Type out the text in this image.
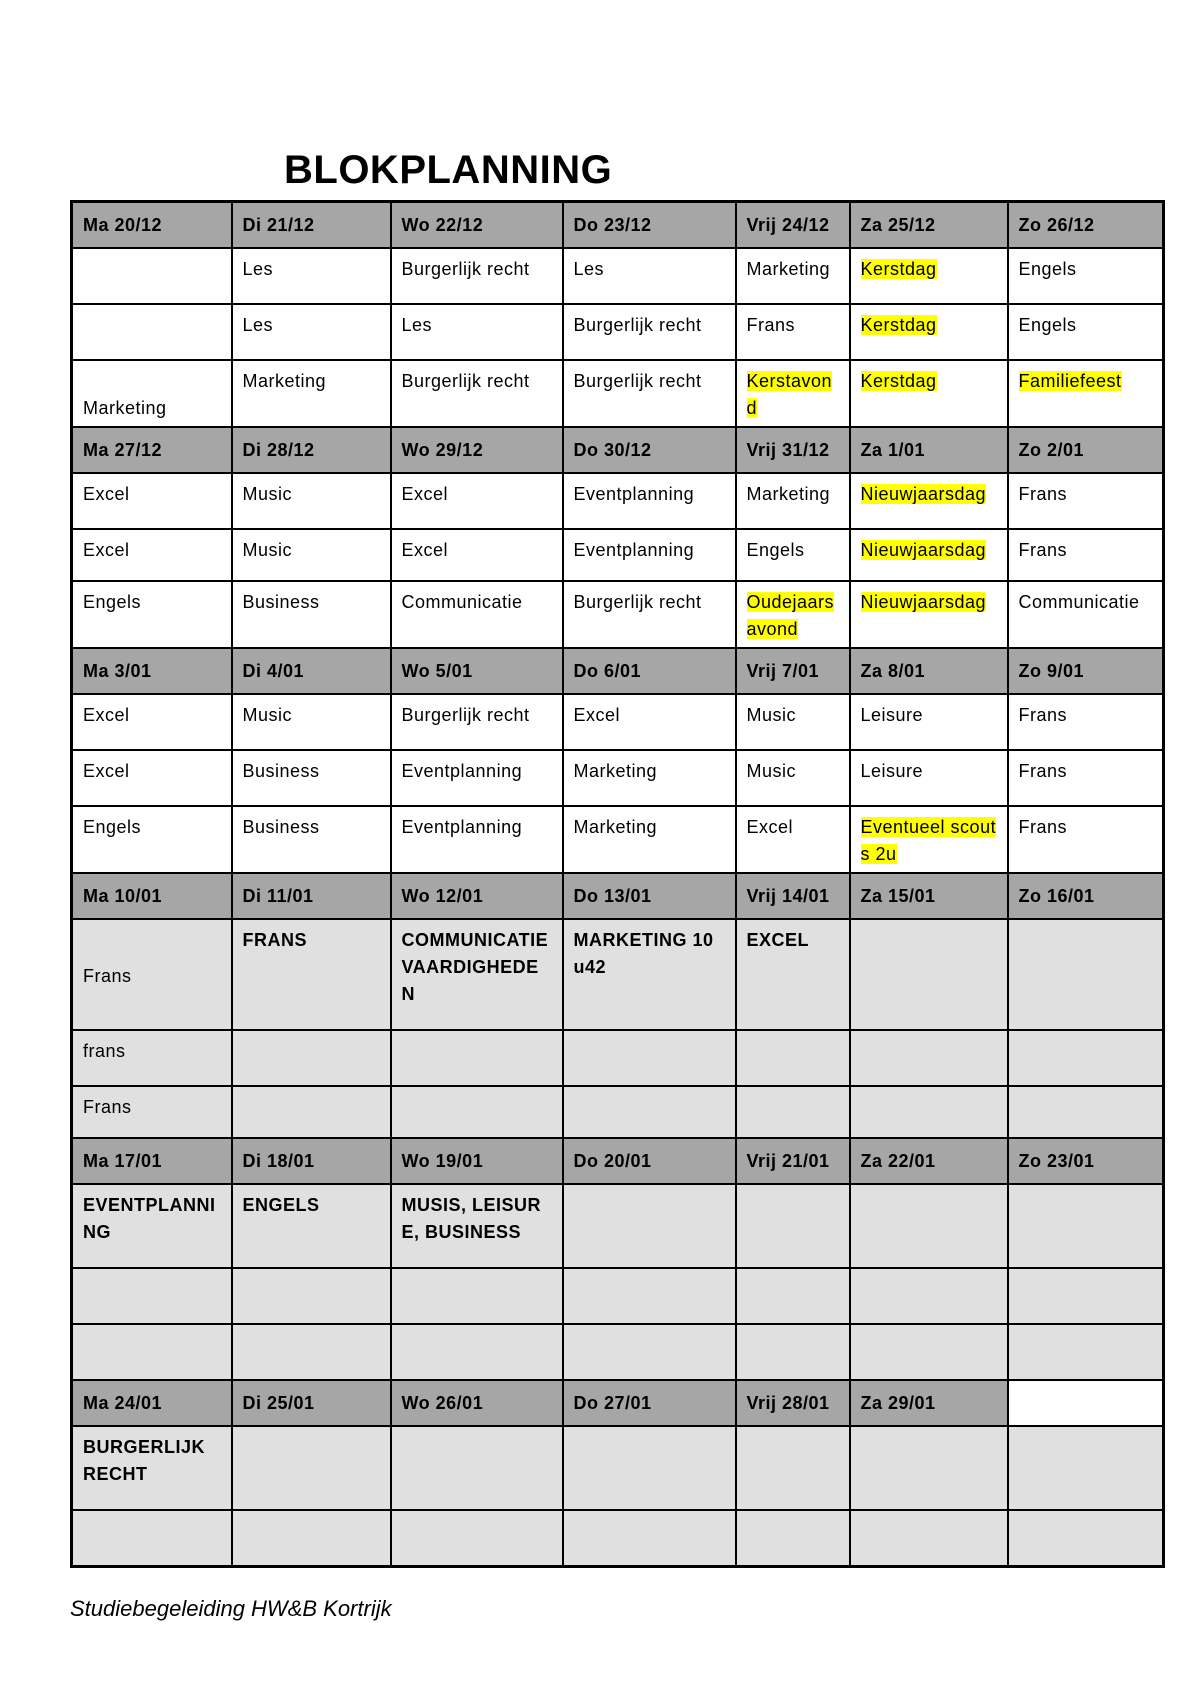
BLOKPLANNING
Ma 20/12	Di 21/12	Wo 22/12	Do 23/12	Vrij 24/12	Za 25/12	Zo 26/12
	Les	Burgerlijk recht	Les	Marketing	Kerstdag	Engels
	Les	Les	Burgerlijk recht	Frans	Kerstdag	Engels
Marketing	Marketing	Burgerlijk recht	Burgerlijk recht	Kerstavond	Kerstdag	Familiefeest
Ma 27/12	Di 28/12	Wo 29/12	Do 30/12	Vrij 31/12	Za 1/01	Zo 2/01
Excel	Music	Excel	Eventplanning	Marketing	Nieuwjaarsdag	Frans
Excel	Music	Excel	Eventplanning	Engels	Nieuwjaarsdag	Frans
Engels	Business	Communicatie	Burgerlijk recht	Oudejaarsavond	Nieuwjaarsdag	Communicatie
Ma 3/01	Di 4/01	Wo 5/01	Do 6/01	Vrij 7/01	Za 8/01	Zo 9/01
Excel	Music	Burgerlijk recht	Excel	Music	Leisure	Frans
Excel	Business	Eventplanning	Marketing	Music	Leisure	Frans
Engels	Business	Eventplanning	Marketing	Excel	Eventueel scouts 2u	Frans
Ma 10/01	Di 11/01	Wo 12/01	Do 13/01	Vrij 14/01	Za 15/01	Zo 16/01
Frans	FRANS	COMMUNICATIE VAARDIGHEDEN	MARKETING 10u42	EXCEL		
frans						
Frans						
Ma 17/01	Di 18/01	Wo 19/01	Do 20/01	Vrij 21/01	Za 22/01	Zo 23/01
EVENTPLANNING	ENGELS	MUSIS, LEISURE, BUSINESS				

Ma 24/01	Di 25/01	Wo 26/01	Do 27/01	Vrij 28/01	Za 29/01	
BURGERLIJK RECHT						

Studiebegeleiding HW&B Kortrijk
